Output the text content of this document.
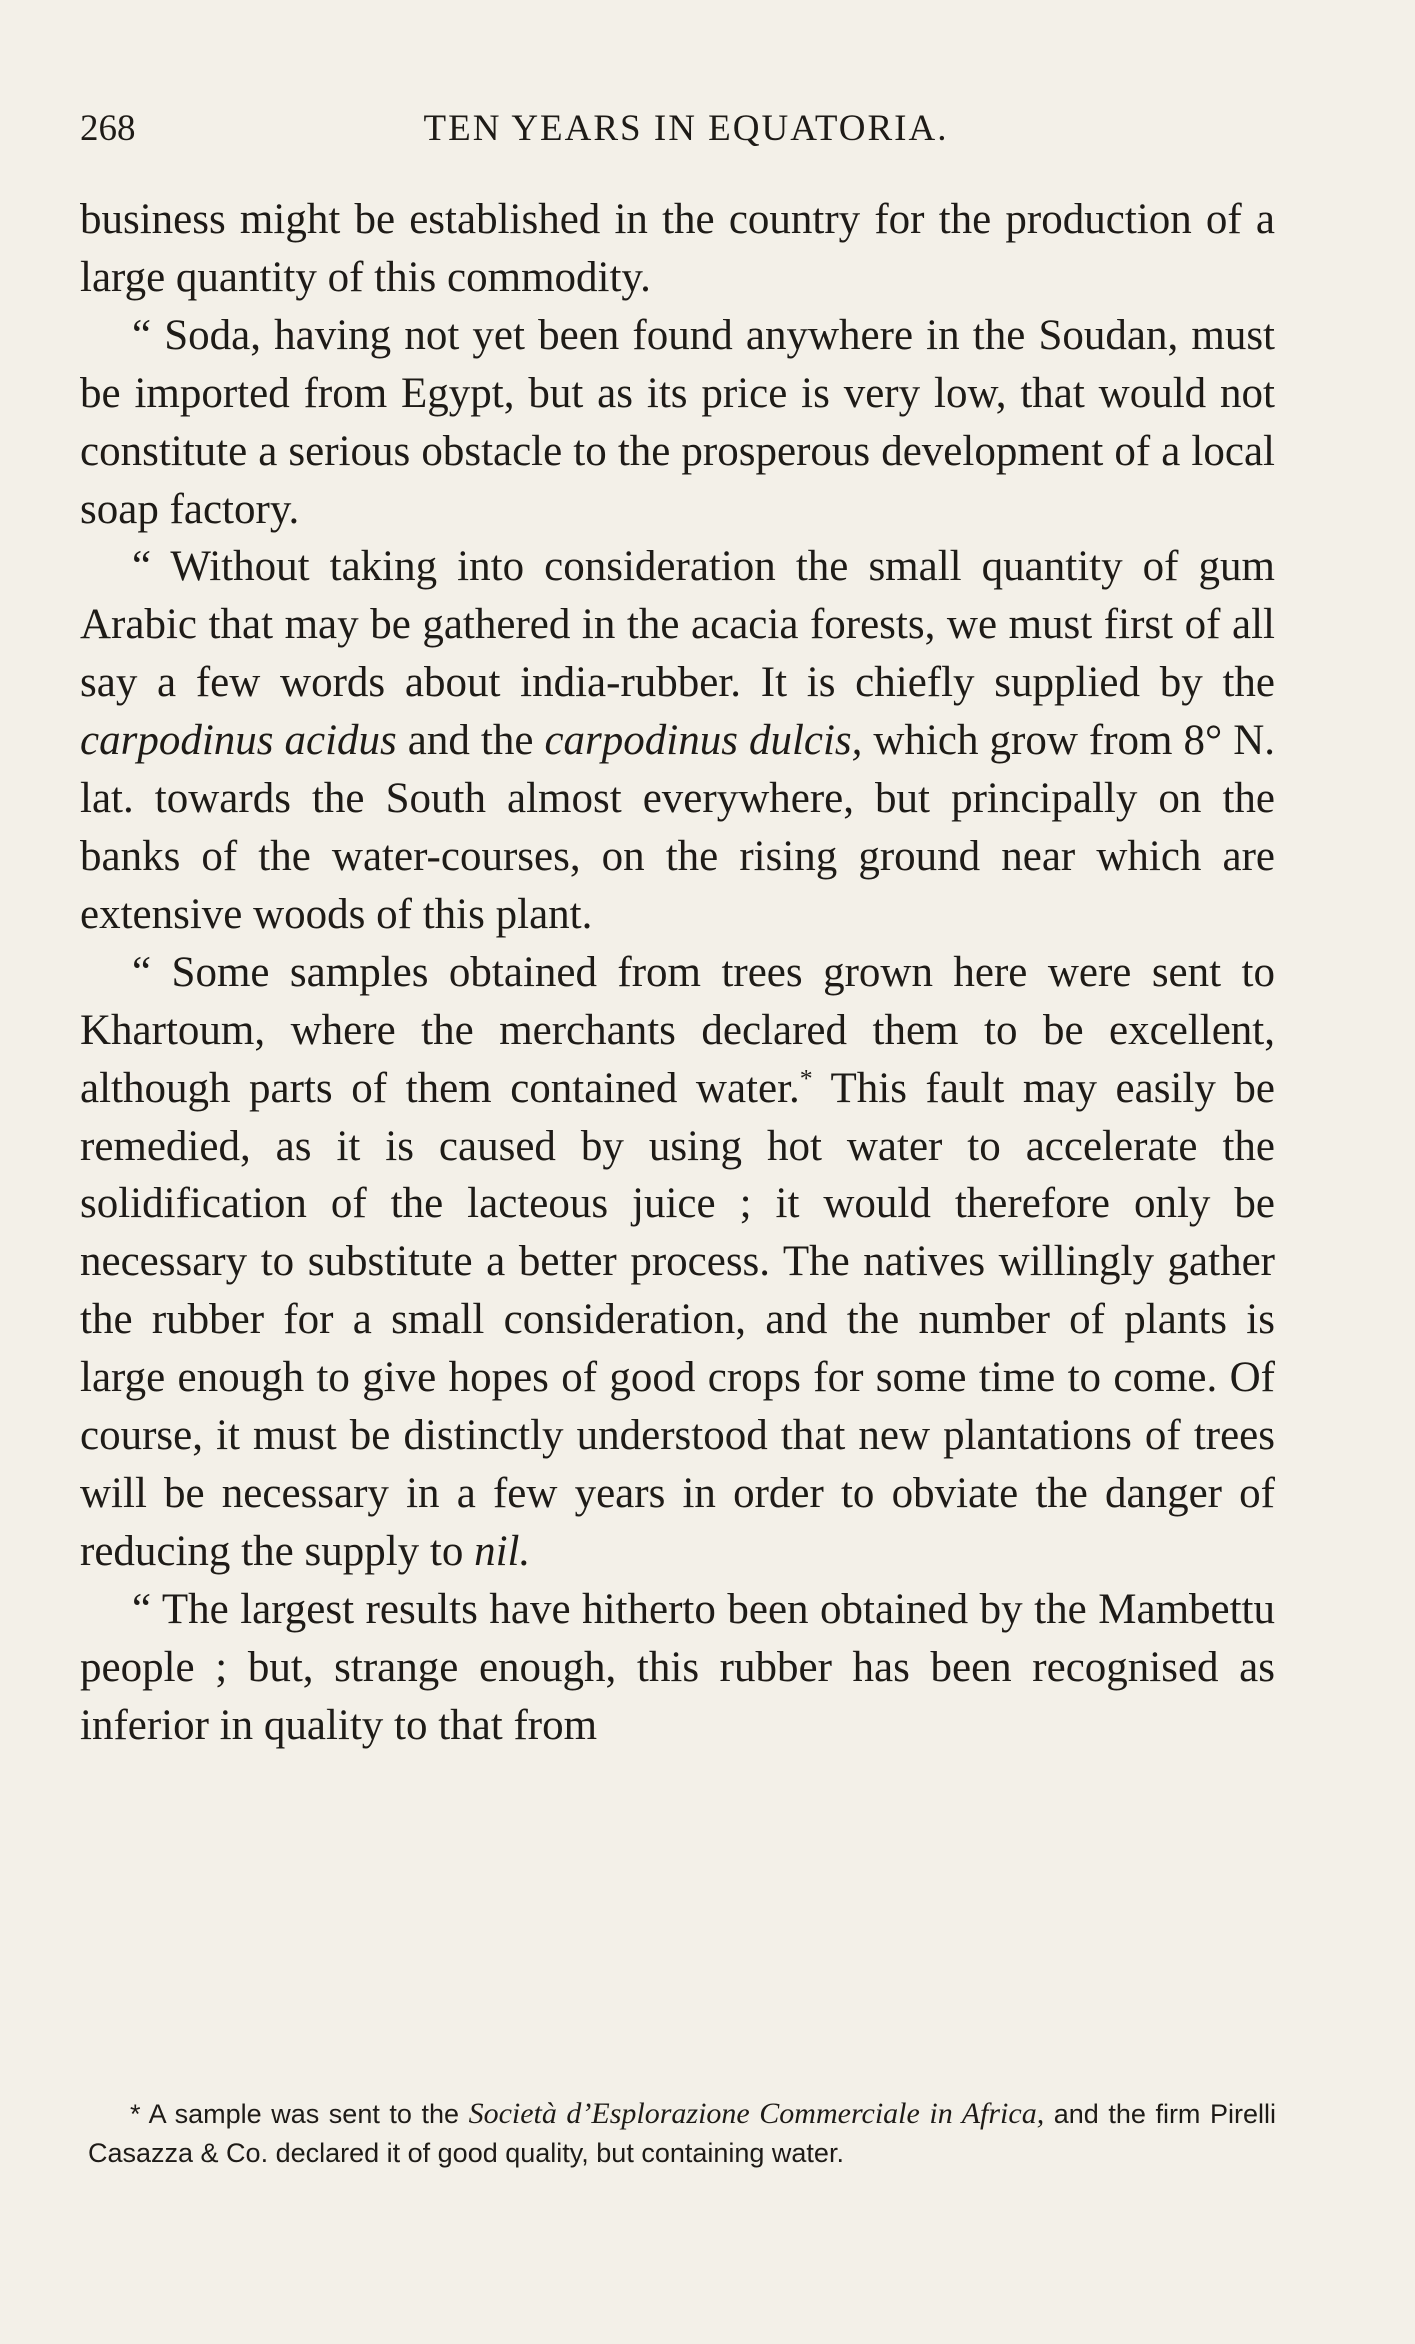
268	TEN YEARS IN EQUATORIA.

business might be established in the country for the production of a large quantity of this commodity.

“ Soda, having not yet been found anywhere in the Soudan, must be imported from Egypt, but as its price is very low, that would not constitute a serious obstacle to the prosperous development of a local soap factory.

“ Without taking into consideration the small quantity of gum Arabic that may be gathered in the acacia forests, we must first of all say a few words about india-rubber. It is chiefly supplied by the carpodinus acidus and the carpodinus dulcis, which grow from 8° N. lat. towards the South almost everywhere, but principally on the banks of the water-courses, on the rising ground near which are extensive woods of this plant.

“ Some samples obtained from trees grown here were sent to Khartoum, where the merchants declared them to be excellent, although parts of them contained water.* This fault may easily be remedied, as it is caused by using hot water to accelerate the solidification of the lacteous juice ; it would therefore only be necessary to substitute a better process. The natives willingly gather the rubber for a small consideration, and the number of plants is large enough to give hopes of good crops for some time to come. Of course, it must be distinctly understood that new plantations of trees will be necessary in a few years in order to obviate the danger of reducing the supply to nil.

“ The largest results have hitherto been obtained by the Mambettu people ; but, strange enough, this rubber has been recognised as inferior in quality to that from

* A sample was sent to the Società d’Esplorazione Commerciale in Africa, and the firm Pirelli Casazza & Co. declared it of good quality, but containing water.
